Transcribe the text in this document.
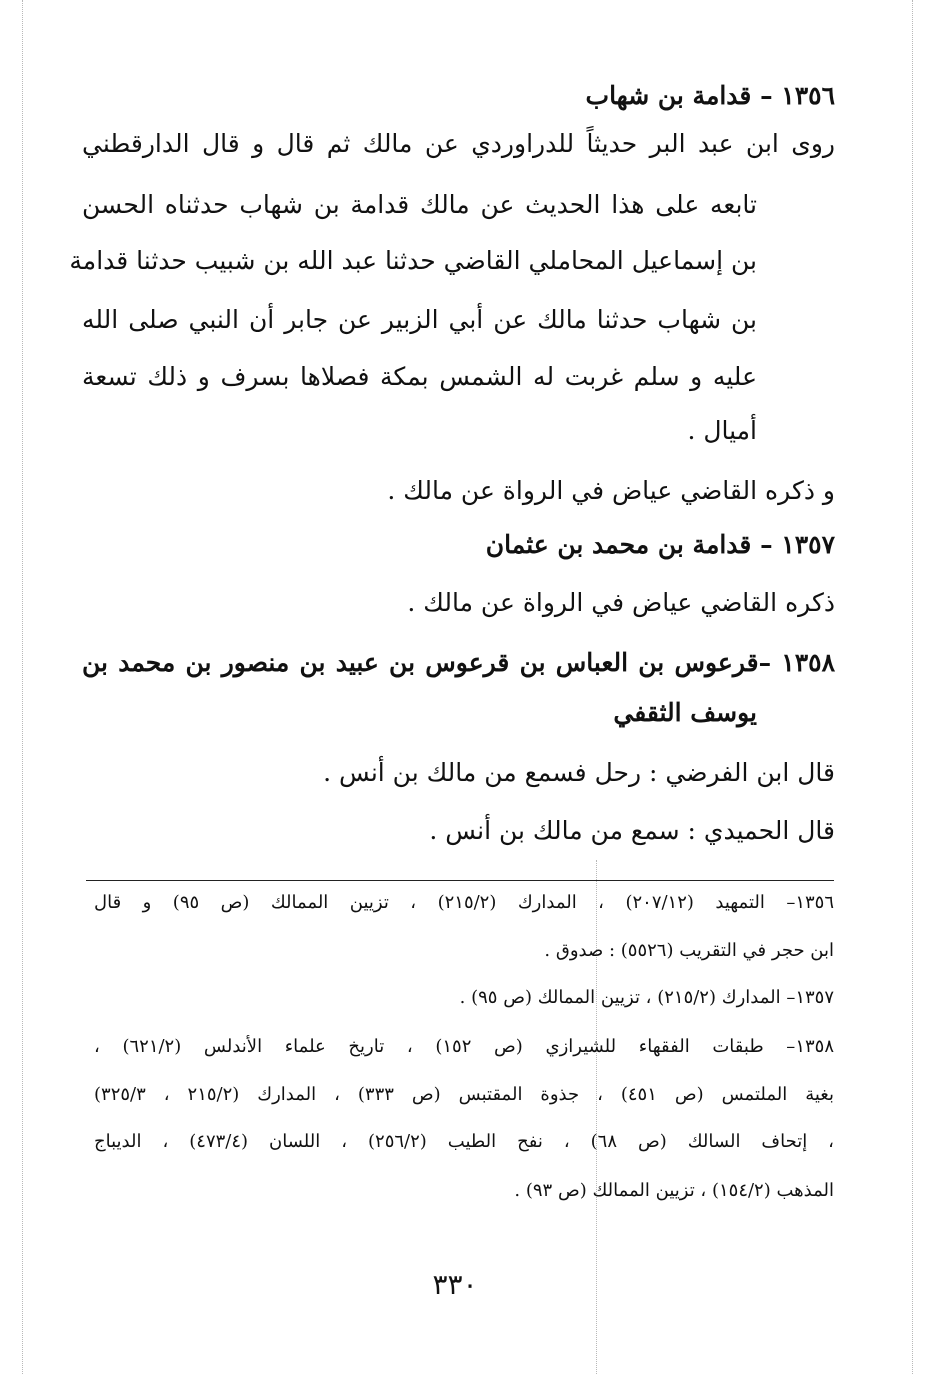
١٣٥٦ – قدامة بن شهاب
روى ابن عبد البر حديثاً للدراوردي عن مالك ثم قال و قال الدارقطني
تابعه على هذا الحديث عن مالك قدامة بن شهاب حدثناه الحسن
بن إسماعيل المحاملي القاضي حدثنا عبد الله بن شبيب حدثنا قدامة
بن شهاب حدثنا مالك عن أبي الزبير عن جابر أن النبي صلى الله
عليه و سلم غربت له الشمس بمكة فصلاها بسرف و ذلك تسعة
أميال .
و ذكره القاضي عياض في الرواة عن مالك .
١٣٥٧ – قدامة بن محمد بن عثمان
ذكره القاضي عياض في الرواة عن مالك .
١٣٥٨ –قرعوس بن العباس بن قرعوس بن عبيد بن منصور بن محمد بن
يوسف الثقفي
قال ابن الفرضي : رحل فسمع من مالك بن أنس .
قال الحميدي : سمع من مالك بن أنس .
١٣٥٦– التمهيد (٢٠٧/١٢) ، المدارك (٢١٥/٢) ، تزيين الممالك (ص ٩٥) و قال
ابن حجر في التقريب (٥٥٢٦) : صدوق .
١٣٥٧– المدارك (٢١٥/٢) ، تزيين الممالك (ص ٩٥) .
١٣٥٨– طبقات الفقهاء للشيرازي (ص ١٥٢) ، تاريخ علماء الأندلس (٦٢١/٢) ،
بغية الملتمس (ص ٤٥١) ، جذوة المقتبس (ص ٣٣٣) ، المدارك (٢١٥/٢ ، ٣٢٥/٣)
، إتحاف السالك (ص ٦٨) ، نفح الطيب (٢٥٦/٢) ، اللسان (٤٧٣/٤) ، الديباج
المذهب (١٥٤/٢) ، تزيين الممالك (ص ٩٣) .
٣٣٠
